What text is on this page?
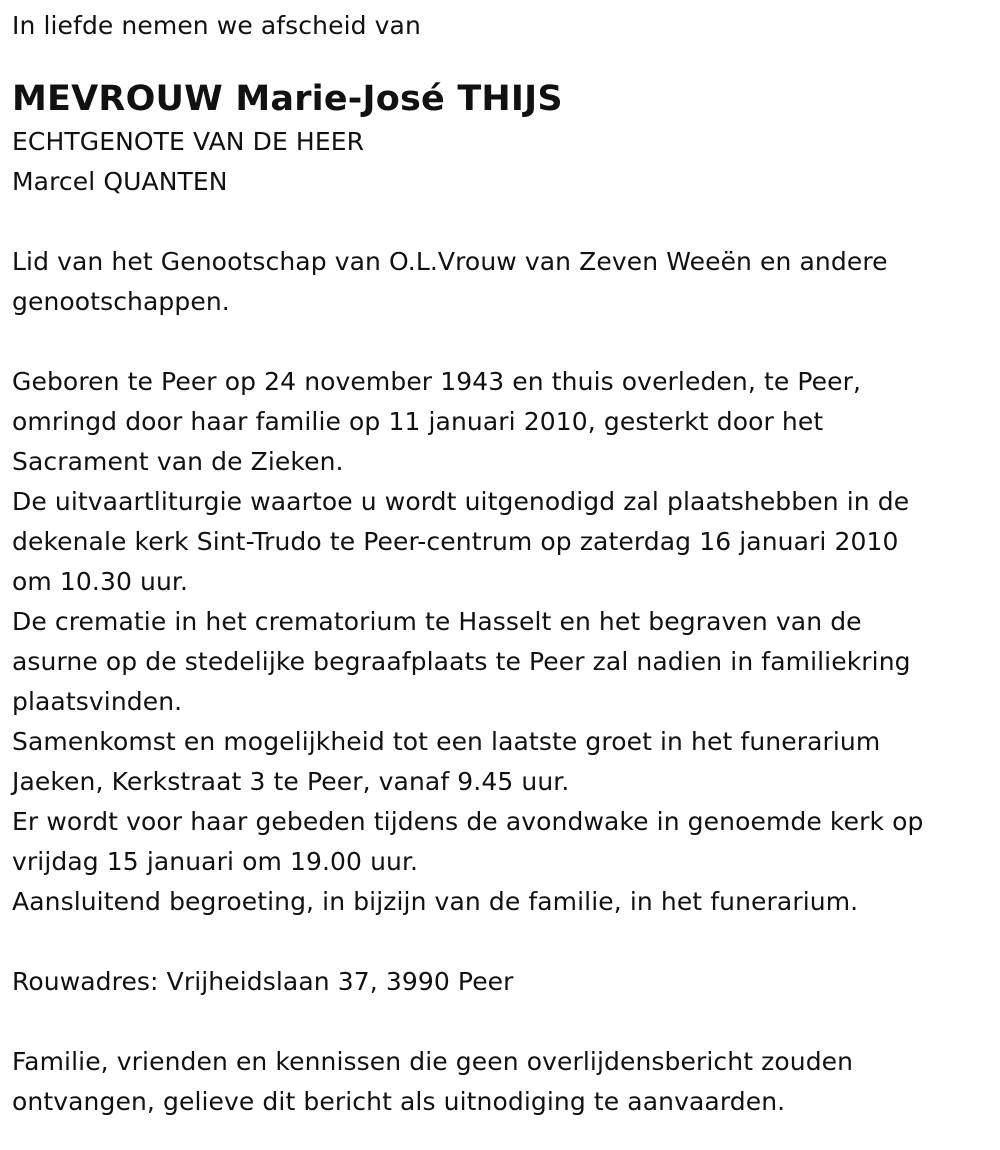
In liefde nemen we afscheid van
MEVROUW Marie-José THIJS
ECHTGENOTE VAN DE HEER
Marcel QUANTEN
Lid van het Genootschap van O.L.Vrouw van Zeven Weeën en andere
genootschappen.
Geboren te Peer op 24 november 1943 en thuis overleden, te Peer,
omringd door haar familie op 11 januari 2010, gesterkt door het
Sacrament van de Zieken.
De uitvaartliturgie waartoe u wordt uitgenodigd zal plaatshebben in de
dekenale kerk Sint-Trudo te Peer-centrum op zaterdag 16 januari 2010
om 10.30 uur.
De crematie in het crematorium te Hasselt en het begraven van de
asurne op de stedelijke begraafplaats te Peer zal nadien in familiekring
plaatsvinden.
Samenkomst en mogelijkheid tot een laatste groet in het funerarium
Jaeken, Kerkstraat 3 te Peer, vanaf 9.45 uur.
Er wordt voor haar gebeden tijdens de avondwake in genoemde kerk op
vrijdag 15 januari om 19.00 uur.
Aansluitend begroeting, in bijzijn van de familie, in het funerarium.
Rouwadres: Vrijheidslaan 37, 3990 Peer
Familie, vrienden en kennissen die geen overlijdensbericht zouden
ontvangen, gelieve dit bericht als uitnodiging te aanvaarden.
